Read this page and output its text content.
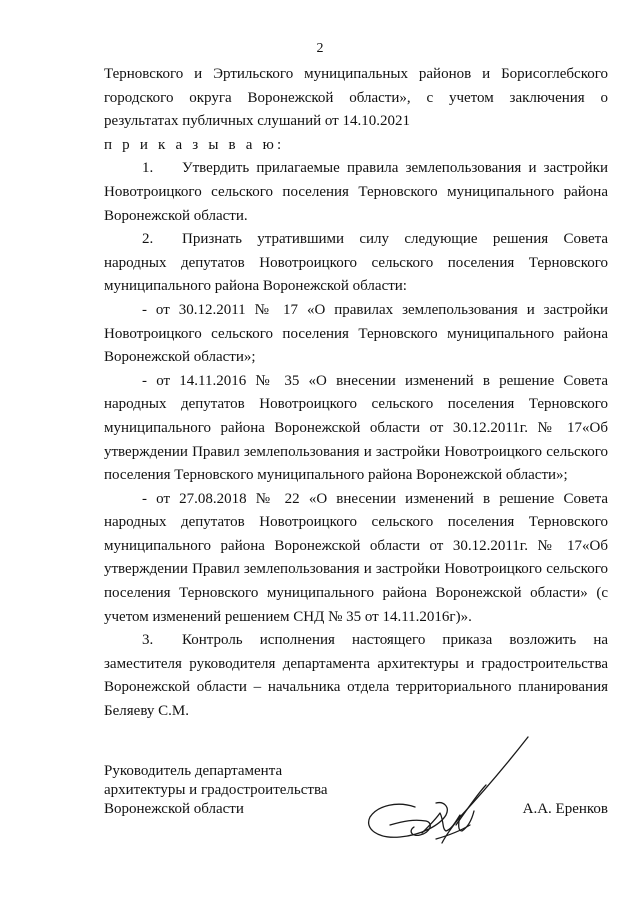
2

Терновского и Эртильского муниципальных районов и Борисоглебского

городского округа Воронежской области», с учетом заключения о

результатах публичных слушаний от 14.10.2021

п р и к а з ы в а ю:

1. Утвердить прилагаемые правила землепользования и застройки Новотроицкого сельского поселения Терновского муниципального района Воронежской области.

2. Признать утратившими силу следующие решения Совета народных депутатов Новотроицкого сельского поселения Терновского муниципального района Воронежской области:

- от 30.12.2011 № 17 «О правилах землепользования и застройки Новотроицкого сельского поселения Терновского муниципального района Воронежской области»;

- от 14.11.2016 № 35 «О внесении изменений в решение Совета народных депутатов Новотроицкого сельского поселения Терновского муниципального района Воронежской области от 30.12.2011г. № 17«Об утверждении Правил землепользования и застройки Новотроицкого сельского поселения Терновского муниципального района Воронежской области»;

- от 27.08.2018 № 22 «О внесении изменений в решение Совета народных депутатов Новотроицкого сельского поселения Терновского муниципального района Воронежской области от 30.12.2011г. № 17«Об утверждении Правил землепользования и застройки Новотроицкого сельского поселения Терновского муниципального района Воронежской области» (с учетом изменений решением СНД № 35 от 14.11.2016г)».

3. Контроль исполнения настоящего приказа возложить на заместителя руководителя департамента архитектуры и градостроительства Воронежской области – начальника отдела территориального планирования Беляеву С.М.

Руководитель департамента
архитектуры и градостроительства
Воронежской области	А.А. Еренков
